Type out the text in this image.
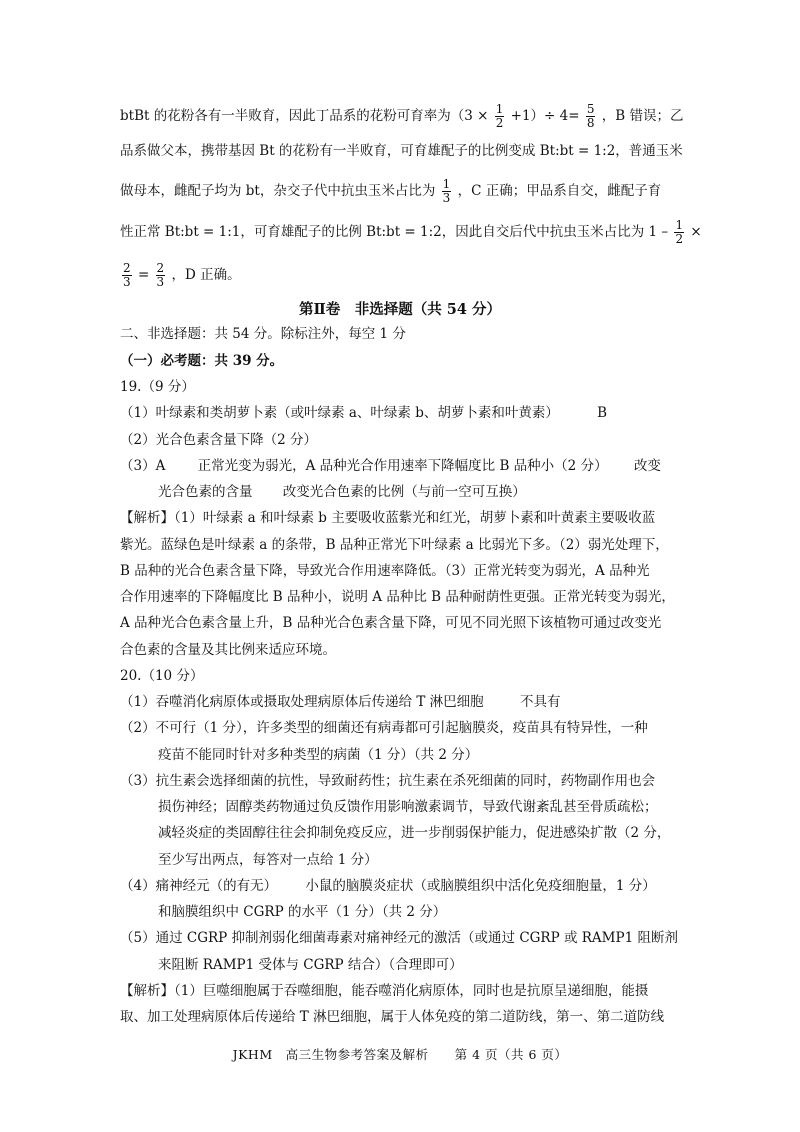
btBt 的花粉各有一半败育，因此丁品系的花粉可育率为$(3 \times \frac{1}{2} +1)\div 4= \frac{5}{8}$ ，B 错误；乙
品系做父本，携带基因 Bt 的花粉有一半败育，可育雄配子的比例变成 Bt:bt = 1:2，普通玉米
做母本，雌配子均为 bt，杂交子代中抗虫玉米占比为 $\frac{1}{3}$ ，C 正确；甲品系自交，雌配子育
性正常 Bt:bt = 1:1，可育雄配子的比例 Bt:bt = 1:2，因此自交后代中抗虫玉米占比为 $1 - \frac{1}{2}$ ×
$\frac{2}{3} = \frac{2}{3}$ ，D 正确。
第Ⅱ卷　非选择题（共 54 分）
二、非选择题：共 54 分。除标注外，每空 1 分
（一）必考题：共 39 分。
19.（9 分）
（1）叶绿素和类胡萝卜素（或叶绿素 a、叶绿素 b、胡萝卜素和叶黄素）	B
（2）光合色素含量下降（2 分）
（3）A 正常光变为弱光，A 品种光合作用速率下降幅度比 B 品种小（2 分） 改变
光合色素的含量 改变光合色素的比例（与前一空可互换）
【解析】（1）叶绿素 a 和叶绿素 b 主要吸收蓝紫光和红光，胡萝卜素和叶黄素主要吸收蓝
紫光。蓝绿色是叶绿素 a 的条带，B 品种正常光下叶绿素 a 比弱光下多。（2）弱光处理下，
B 品种的光合色素含量下降，导致光合作用速率降低。（3）正常光转变为弱光，A 品种光
合作用速率的下降幅度比 B 品种小，说明 A 品种比 B 品种耐荫性更强。正常光转变为弱光，
A 品种光合色素含量上升，B 品种光合色素含量下降，可见不同光照下该植物可通过改变光
合色素的含量及其比例来适应环境。
20.（10 分）
（1）吞噬消化病原体或摄取处理病原体后传递给 T 淋巴细胞	不具有
（2）不可行（1 分），许多类型的细菌还有病毒都可引起脑膜炎，疫苗具有特异性，一种
疫苗不能同时针对多种类型的病菌（1 分）（共 2 分）
（3）抗生素会选择细菌的抗性，导致耐药性；抗生素在杀死细菌的同时，药物副作用也会
损伤神经；固醇类药物通过负反馈作用影响激素调节，导致代谢紊乱甚至骨质疏松；
减轻炎症的类固醇往往会抑制免疫反应，进一步削弱保护能力，促进感染扩散（2 分，
至少写出两点，每答对一点给 1 分）
（4）痛神经元（的有无） 小鼠的脑膜炎症状（或脑膜组织中活化免疫细胞量，1 分）
和脑膜组织中 CGRP 的水平（1 分）（共 2 分）
（5）通过 CGRP 抑制剂弱化细菌毒素对痛神经元的激活（或通过 CGRP 或 RAMP1 阻断剂
来阻断 RAMP1 受体与 CGRP 结合）（合理即可）
【解析】（1）巨噬细胞属于吞噬细胞，能吞噬消化病原体，同时也是抗原呈递细胞，能摄
取、加工处理病原体后传递给 T 淋巴细胞，属于人体免疫的第二道防线，第一、第二道防线
JKHM　高三生物参考答案及解析　　第 4 页（共 6 页）
